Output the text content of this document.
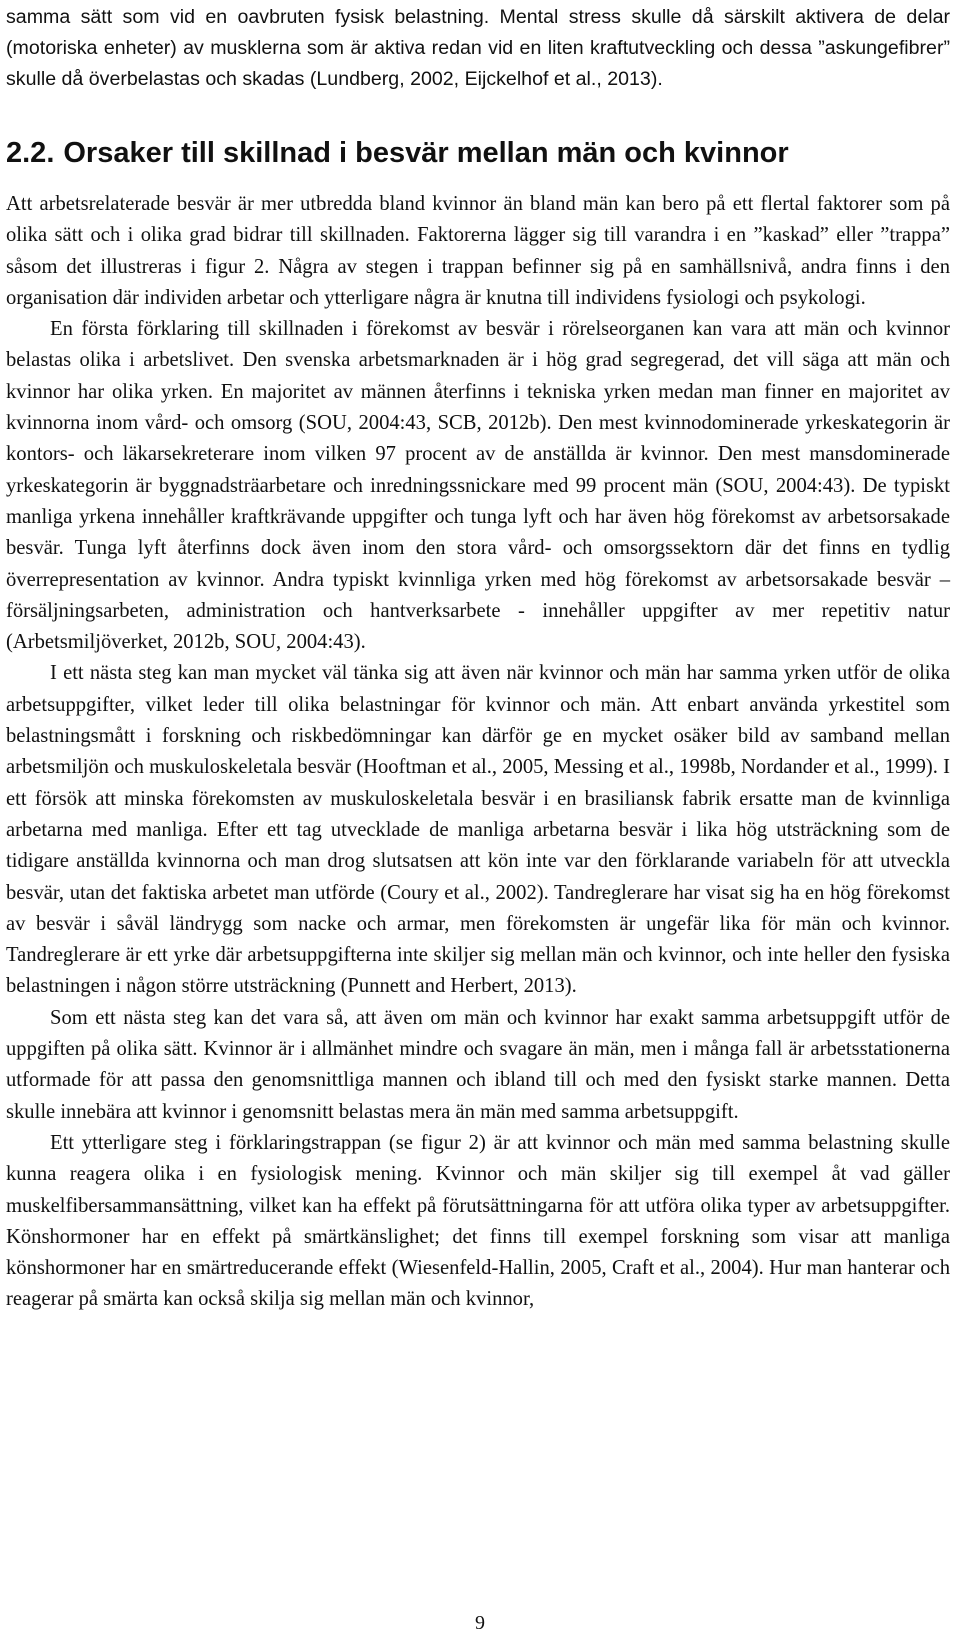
samma sätt som vid en oavbruten fysisk belastning. Mental stress skulle då särskilt aktivera de delar (motoriska enheter) av musklerna som är aktiva redan vid en liten kraftutveckling och dessa ”askungefibrer” skulle då överbelastas och skadas (Lundberg, 2002, Eijckelhof et al., 2013).

2.2. Orsaker till skillnad i besvär mellan män och kvinnor

Att arbetsrelaterade besvär är mer utbredda bland kvinnor än bland män kan bero på ett flertal faktorer som på olika sätt och i olika grad bidrar till skillnaden. Faktorerna lägger sig till varandra i en ”kaskad” eller ”trappa” såsom det illustreras i figur 2. Några av stegen i trappan befinner sig på en samhällsnivå, andra finns i den organisation där individen arbetar och ytterligare några är knutna till individens fysiologi och psykologi.

En första förklaring till skillnaden i förekomst av besvär i rörelseorganen kan vara att män och kvinnor belastas olika i arbetslivet. Den svenska arbetsmarknaden är i hög grad segregerad, det vill säga att män och kvinnor har olika yrken. En majoritet av männen återfinns i tekniska yrken medan man finner en majoritet av kvinnorna inom vård- och omsorg (SOU, 2004:43, SCB, 2012b). Den mest kvinnodominerade yrkeskategorin är kontors- och läkarsekreterare inom vilken 97 procent av de anställda är kvinnor. Den mest mansdominerade yrkeskategorin är byggnadsträarbetare och inredningssnickare med 99 procent män (SOU, 2004:43). De typiskt manliga yrkena innehåller kraftkrävande uppgifter och tunga lyft och har även hög förekomst av arbetsorsakade besvär. Tunga lyft återfinns dock även inom den stora vård- och omsorgssektorn där det finns en tydlig överrepresentation av kvinnor. Andra typiskt kvinnliga yrken med hög förekomst av arbetsorsakade besvär – försäljningsarbeten, administration och hantverksarbete - innehåller uppgifter av mer repetitiv natur (Arbetsmiljöverket, 2012b, SOU, 2004:43).

I ett nästa steg kan man mycket väl tänka sig att även när kvinnor och män har samma yrken utför de olika arbetsuppgifter, vilket leder till olika belastningar för kvinnor och män. Att enbart använda yrkestitel som belastningsmått i forskning och riskbedömningar kan därför ge en mycket osäker bild av samband mellan arbetsmiljön och muskuloskeletala besvär (Hooftman et al., 2005, Messing et al., 1998b, Nordander et al., 1999). I ett försök att minska förekomsten av muskuloskeletala besvär i en brasiliansk fabrik ersatte man de kvinnliga arbetarna med manliga. Efter ett tag utvecklade de manliga arbetarna besvär i lika hög utsträckning som de tidigare anställda kvinnorna och man drog slutsatsen att kön inte var den förklarande variabeln för att utveckla besvär, utan det faktiska arbetet man utförde (Coury et al., 2002). Tandreglerare har visat sig ha en hög förekomst av besvär i såväl ländrygg som nacke och armar, men förekomsten är ungefär lika för män och kvinnor. Tandreglerare är ett yrke där arbetsuppgifterna inte skiljer sig mellan män och kvinnor, och inte heller den fysiska belastningen i någon större utsträckning (Punnett and Herbert, 2013).

Som ett nästa steg kan det vara så, att även om män och kvinnor har exakt samma arbetsuppgift utför de uppgiften på olika sätt. Kvinnor är i allmänhet mindre och svagare än män, men i många fall är arbetsstationerna utformade för att passa den genomsnittliga mannen och ibland till och med den fysiskt starke mannen. Detta skulle innebära att kvinnor i genomsnitt belastas mera än män med samma arbetsuppgift.

Ett ytterligare steg i förklaringstrappan (se figur 2) är att kvinnor och män med samma belastning skulle kunna reagera olika i en fysiologisk mening. Kvinnor och män skiljer sig till exempel åt vad gäller muskelfibersammansättning, vilket kan ha effekt på förutsättningarna för att utföra olika typer av arbetsuppgifter. Könshormoner har en effekt på smärtkänslighet; det finns till exempel forskning som visar att manliga könshormoner har en smärtreducerande effekt (Wiesenfeld-Hallin, 2005, Craft et al., 2004). Hur man hanterar och reagerar på smärta kan också skilja sig mellan män och kvinnor,

9
